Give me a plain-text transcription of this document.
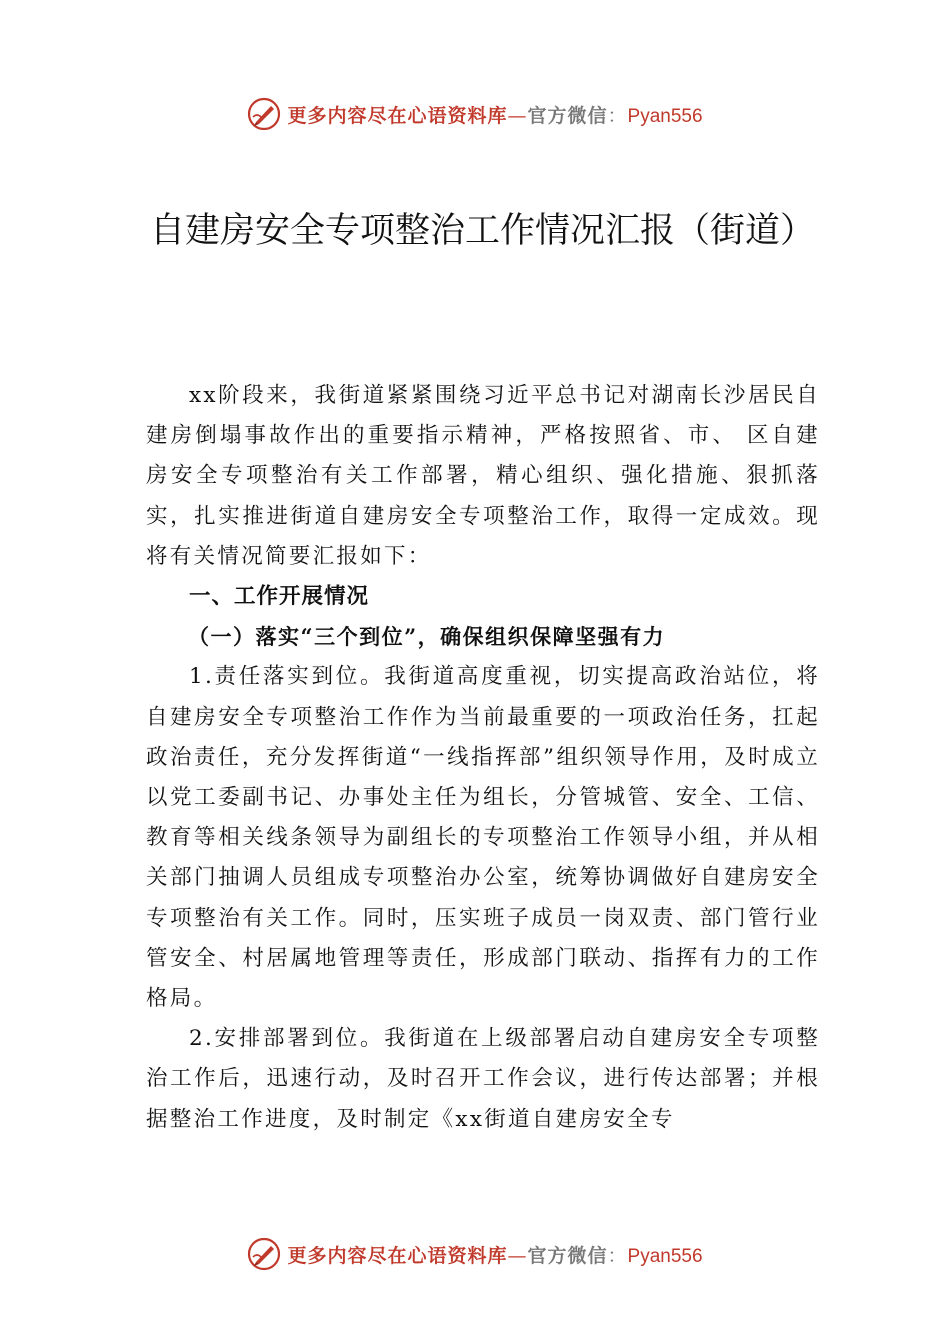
更多内容尽在心语资料库—官方微信：Pyan556
自建房安全专项整治工作情况汇报（街道）

xx阶段来，我街道紧紧围绕习近平总书记对湖南长沙居民自建房倒塌事故作出的重要指示精神，严格按照省、市、 区自建房安全专项整治有关工作部署，精心组织、强化措施、狠抓落实，扎实推进街道自建房安全专项整治工作，取得一定成效。现将有关情况简要汇报如下：

一、工作开展情况

（一）落实“三个到位”，确保组织保障坚强有力

1.责任落实到位。我街道高度重视，切实提高政治站位，将自建房安全专项整治工作作为当前最重要的一项政治任务，扛起政治责任，充分发挥街道“一线指挥部”组织领导作用，及时成立以党工委副书记、办事处主任为组长，分管城管、安全、工信、教育等相关线条领导为副组长的专项整治工作领导小组，并从相关部门抽调人员组成专项整治办公室，统筹协调做好自建房安全专项整治有关工作。同时，压实班子成员一岗双责、部门管行业管安全、村居属地管理等责任，形成部门联动、指挥有力的工作格局。

2.安排部署到位。我街道在上级部署启动自建房安全专项整治工作后，迅速行动，及时召开工作会议，进行传达部署；并根据整治工作进度，及时制定《xx街道自建房安全专

更多内容尽在心语资料库—官方微信：Pyan556
